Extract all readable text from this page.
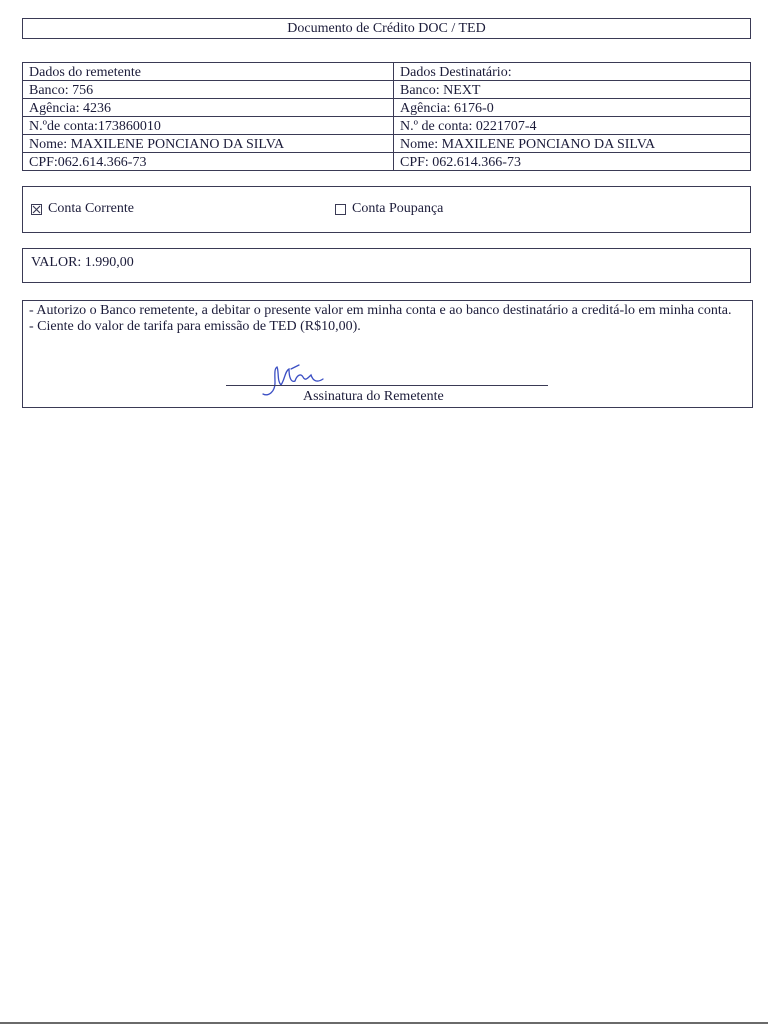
Documento de Crédito DOC / TED
Dados do remetente	Dados Destinatário:
Banco: 756	Banco: NEXT
Agência: 4236	Agência: 6176-0
N.ºde conta:173860010	N.º de conta: 0221707-4
Nome: MAXILENE PONCIANO DA SILVA	Nome: MAXILENE PONCIANO DA SILVA
CPF:062.614.366-73	CPF: 062.614.366-73
Conta Corrente	Conta Poupança
VALOR: 1.990,00

- Autorizo o Banco remetente, a debitar o presente valor em minha conta e ao banco destinatário a creditá-lo em minha conta.

- Ciente do valor de tarifa para emissão de TED (R$10,00).

Assinatura do Remetente
